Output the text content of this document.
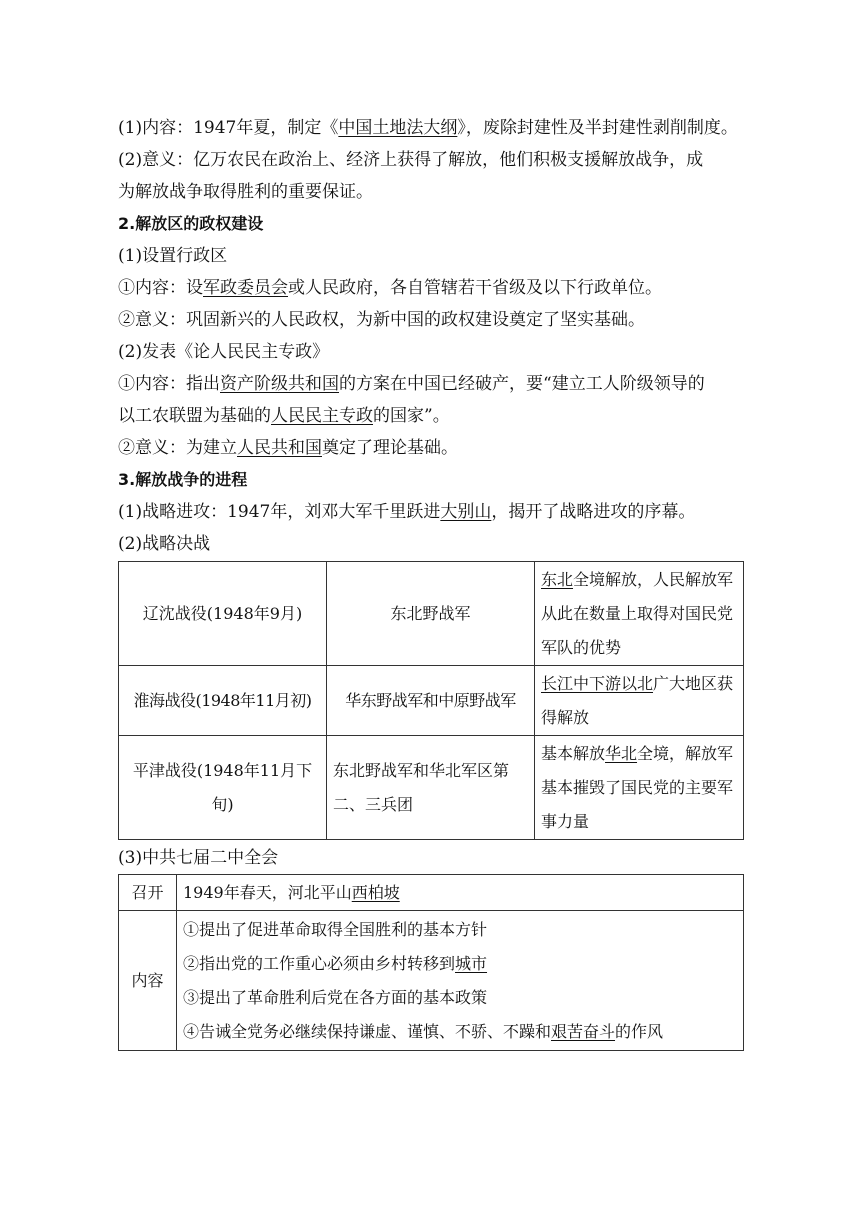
(1)内容：1947年夏，制定《中国土地法大纲》，废除封建性及半封建性剥削制度。
(2)意义：亿万农民在政治上、经济上获得了解放，他们积极支援解放战争，成
为解放战争取得胜利的重要保证。
2.解放区的政权建设
(1)设置行政区
①内容：设军政委员会或人民政府，各自管辖若干省级及以下行政单位。
②意义：巩固新兴的人民政权，为新中国的政权建设奠定了坚实基础。
(2)发表《论人民民主专政》
①内容：指出资产阶级共和国的方案在中国已经破产，要“建立工人阶级领导的
以工农联盟为基础的人民民主专政的国家”。
②意义：为建立人民共和国奠定了理论基础。
3.解放战争的进程
(1)战略进攻：1947年，刘邓大军千里跃进大别山，揭开了战略进攻的序幕。
(2)战略决战
辽沈战役(1948年9月)	东北野战军	东北全境解放，人民解放军从此在数量上取得对国民党军队的优势
淮海战役(1948年11月初)	华东野战军和中原野战军	长江中下游以北广大地区获得解放
平津战役(1948年11月下旬)	东北野战军和华北军区第二、三兵团	基本解放华北全境，解放军基本摧毁了国民党的主要军事力量
(3)中共七届二中全会
召开	1949年春天，河北平山西柏坡
内容	①提出了促进革命取得全国胜利的基本方针
②指出党的工作重心必须由乡村转移到城市
③提出了革命胜利后党在各方面的基本政策
④告诫全党务必继续保持谦虚、谨慎、不骄、不躁和艰苦奋斗的作风
